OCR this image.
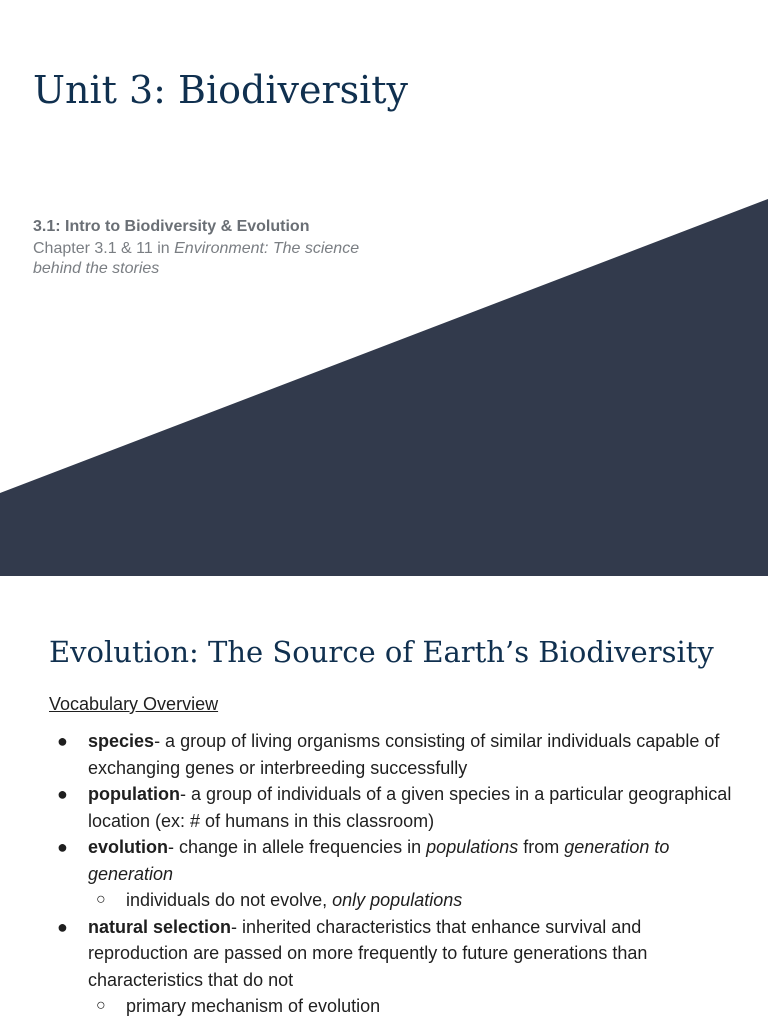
Unit 3: Biodiversity

3.1: Intro to Biodiversity & Evolution

Chapter 3.1 & 11 in Environment: The science behind the stories

Evolution: The Source of Earth’s Biodiversity

Vocabulary Overview

● species- a group of living organisms consisting of similar individuals capable of exchanging genes or interbreeding successfully
● population- a group of individuals of a given species in a particular geographical location (ex: # of humans in this classroom)
● evolution- change in allele frequencies in populations from generation to generation
○ individuals do not evolve, only populations
● natural selection- inherited characteristics that enhance survival and reproduction are passed on more frequently to future generations than characteristics that do not
○ primary mechanism of evolution
